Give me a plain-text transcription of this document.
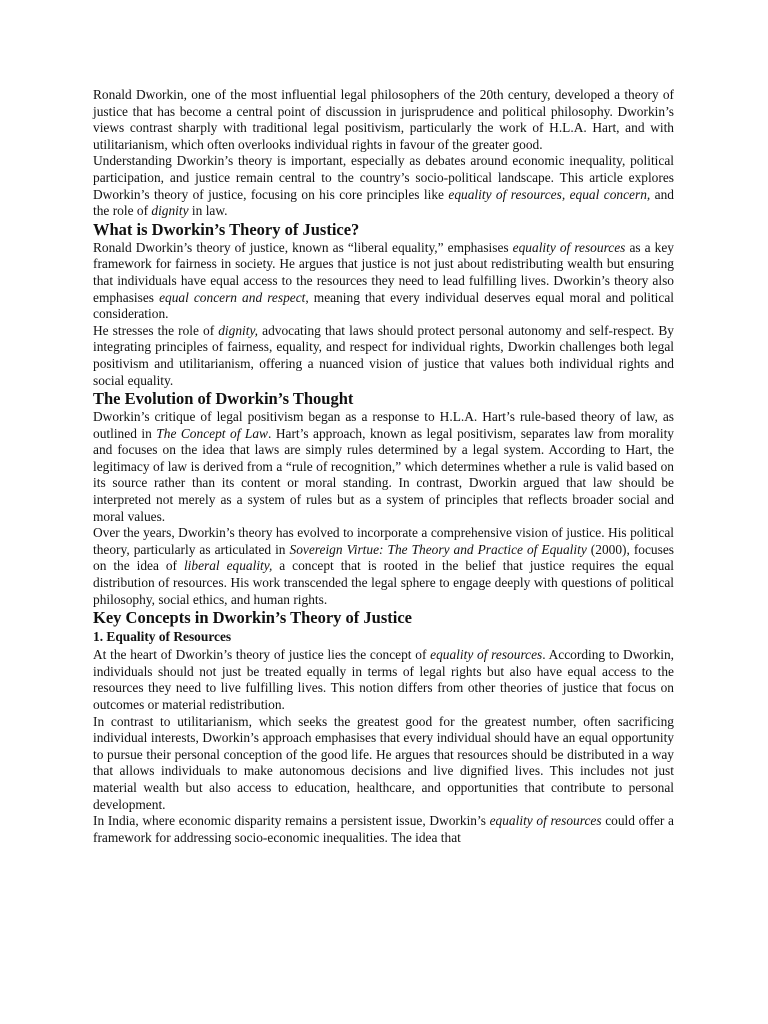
Ronald Dworkin, one of the most influential legal philosophers of the 20th century, developed a theory of justice that has become a central point of discussion in jurisprudence and political philosophy. Dworkin’s views contrast sharply with traditional legal positivism, particularly the work of H.L.A. Hart, and with utilitarianism, which often overlooks individual rights in favour of the greater good.

Understanding Dworkin’s theory is important, especially as debates around economic inequality, political participation, and justice remain central to the country’s socio-political landscape. This article explores Dworkin’s theory of justice, focusing on his core principles like equality of resources, equal concern, and the role of dignity in law.

What is Dworkin’s Theory of Justice?

Ronald Dworkin’s theory of justice, known as “liberal equality,” emphasises equality of resources as a key framework for fairness in society. He argues that justice is not just about redistributing wealth but ensuring that individuals have equal access to the resources they need to lead fulfilling lives. Dworkin’s theory also emphasises equal concern and respect, meaning that every individual deserves equal moral and political consideration.

He stresses the role of dignity, advocating that laws should protect personal autonomy and self-respect. By integrating principles of fairness, equality, and respect for individual rights, Dworkin challenges both legal positivism and utilitarianism, offering a nuanced vision of justice that values both individual rights and social equality.

The Evolution of Dworkin’s Thought

Dworkin’s critique of legal positivism began as a response to H.L.A. Hart’s rule-based theory of law, as outlined in The Concept of Law. Hart’s approach, known as legal positivism, separates law from morality and focuses on the idea that laws are simply rules determined by a legal system. According to Hart, the legitimacy of law is derived from a “rule of recognition,” which determines whether a rule is valid based on its source rather than its content or moral standing. In contrast, Dworkin argued that law should be interpreted not merely as a system of rules but as a system of principles that reflects broader social and moral values.

Over the years, Dworkin’s theory has evolved to incorporate a comprehensive vision of justice. His political theory, particularly as articulated in Sovereign Virtue: The Theory and Practice of Equality (2000), focuses on the idea of liberal equality, a concept that is rooted in the belief that justice requires the equal distribution of resources. His work transcended the legal sphere to engage deeply with questions of political philosophy, social ethics, and human rights.

Key Concepts in Dworkin’s Theory of Justice
1. Equality of Resources

At the heart of Dworkin’s theory of justice lies the concept of equality of resources. According to Dworkin, individuals should not just be treated equally in terms of legal rights but also have equal access to the resources they need to live fulfilling lives. This notion differs from other theories of justice that focus on outcomes or material redistribution.

In contrast to utilitarianism, which seeks the greatest good for the greatest number, often sacrificing individual interests, Dworkin’s approach emphasises that every individual should have an equal opportunity to pursue their personal conception of the good life. He argues that resources should be distributed in a way that allows individuals to make autonomous decisions and live dignified lives. This includes not just material wealth but also access to education, healthcare, and opportunities that contribute to personal development.

In India, where economic disparity remains a persistent issue, Dworkin’s equality of resources could offer a framework for addressing socio-economic inequalities. The idea that
